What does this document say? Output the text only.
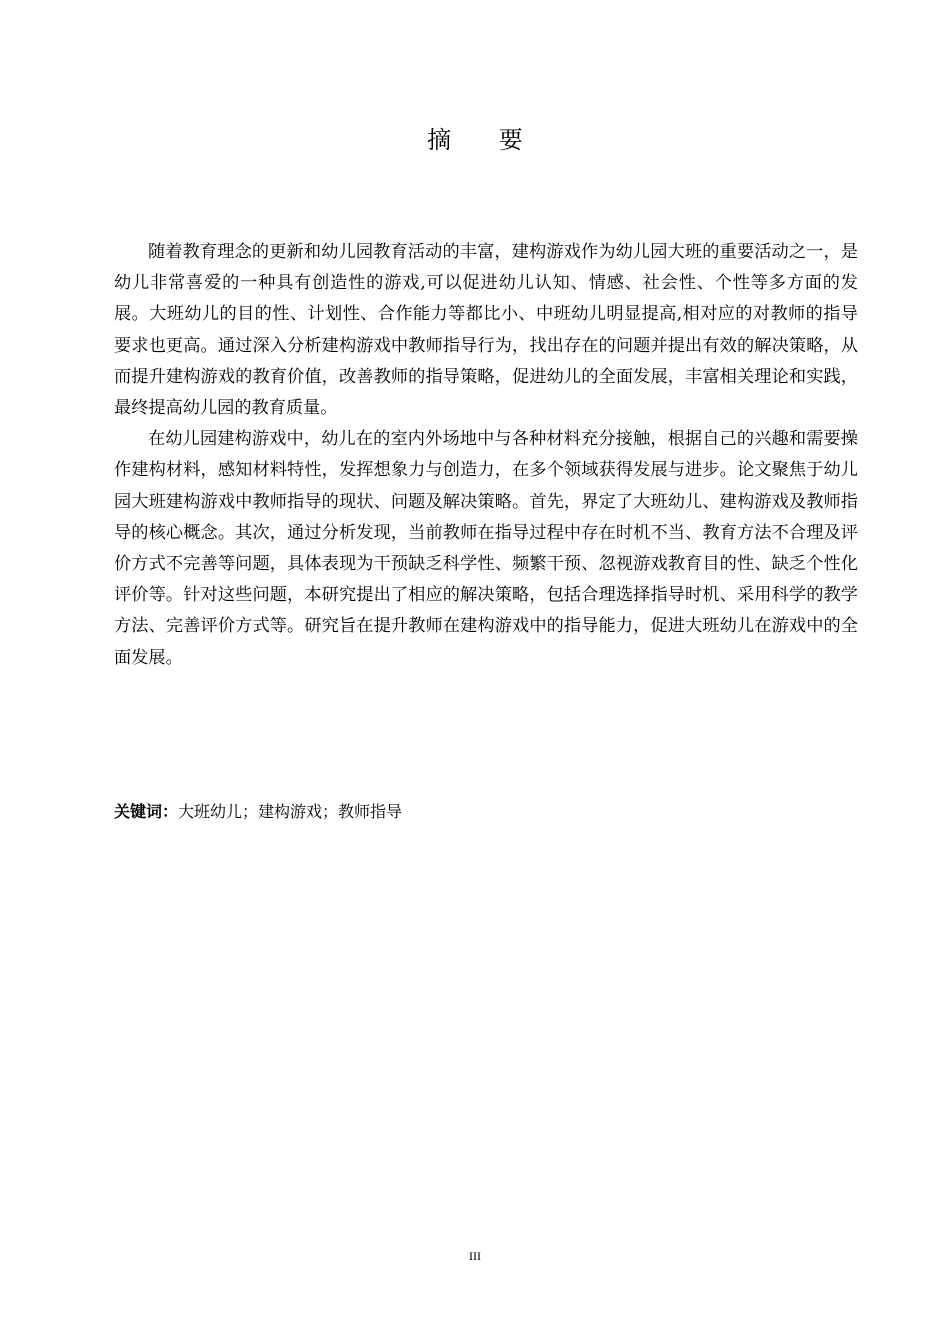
摘 要

随着教育理念的更新和幼儿园教育活动的丰富，建构游戏作为幼儿园大班的重要活动之一，是幼儿非常喜爱的一种具有创造性的游戏,可以促进幼儿认知、情感、社会性、个性等多方面的发展。大班幼儿的目的性、计划性、合作能力等都比小、中班幼儿明显提高,相对应的对教师的指导要求也更高。通过深入分析建构游戏中教师指导行为，找出存在的问题并提出有效的解决策略，从而提升建构游戏的教育价值，改善教师的指导策略，促进幼儿的全面发展，丰富相关理论和实践，最终提高幼儿园的教育质量。

在幼儿园建构游戏中，幼儿在的室内外场地中与各种材料充分接触，根据自己的兴趣和需要操作建构材料，感知材料特性，发挥想象力与创造力，在多个领域获得发展与进步。论文聚焦于幼儿园大班建构游戏中教师指导的现状、问题及解决策略。首先，界定了大班幼儿、建构游戏及教师指导的核心概念。其次，通过分析发现，当前教师在指导过程中存在时机不当、教育方法不合理及评价方式不完善等问题，具体表现为干预缺乏科学性、频繁干预、忽视游戏教育目的性、缺乏个性化评价等。针对这些问题，本研究提出了相应的解决策略，包括合理选择指导时机、采用科学的教学方法、完善评价方式等。研究旨在提升教师在建构游戏中的指导能力，促进大班幼儿在游戏中的全面发展。

关键词：大班幼儿；建构游戏；教师指导
III
